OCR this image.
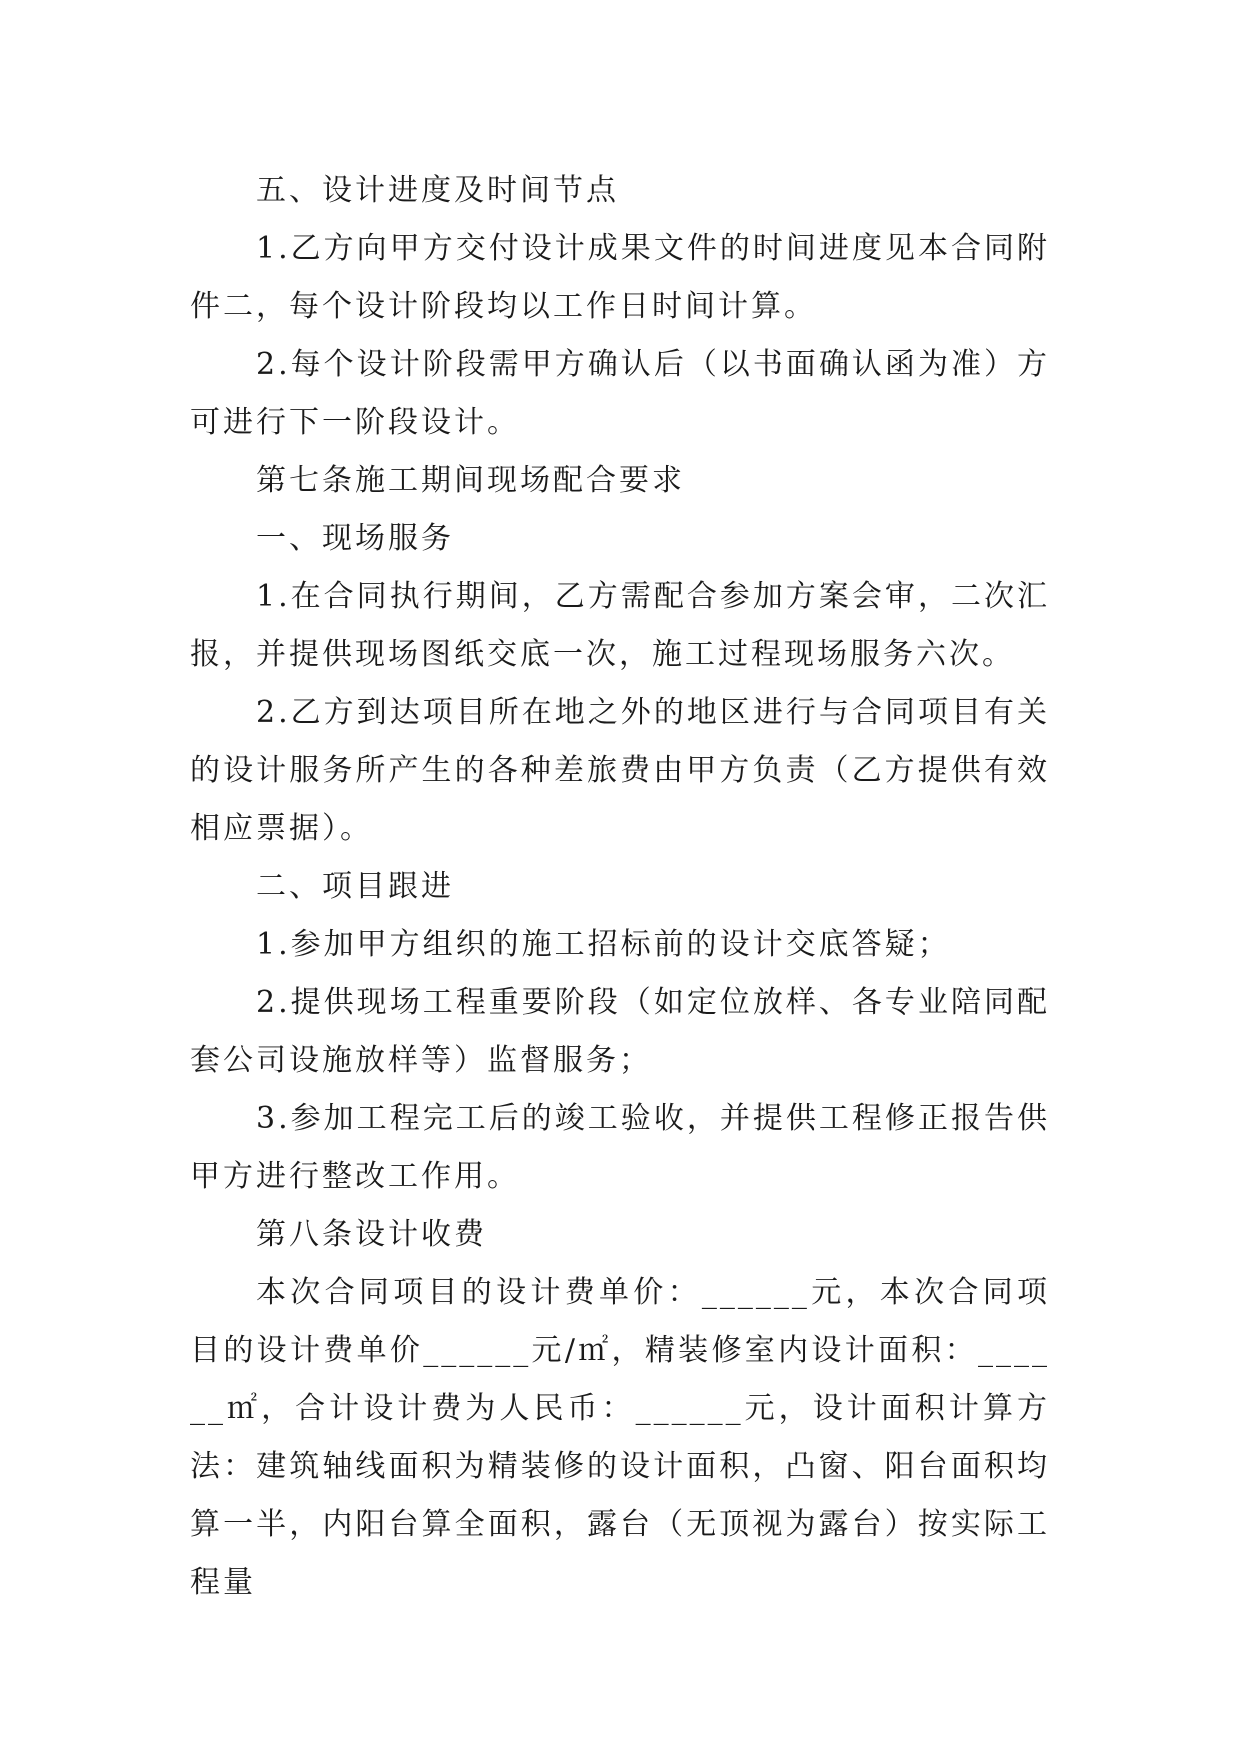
五、设计进度及时间节点

1.乙方向甲方交付设计成果文件的时间进度见本合同附件二，每个设计阶段均以工作日时间计算。

2.每个设计阶段需甲方确认后（以书面确认函为准）方可进行下一阶段设计。

第七条施工期间现场配合要求

一、现场服务

1.在合同执行期间，乙方需配合参加方案会审，二次汇报，并提供现场图纸交底一次，施工过程现场服务六次。

2.乙方到达项目所在地之外的地区进行与合同项目有关的设计服务所产生的各种差旅费由甲方负责（乙方提供有效相应票据）。

二、项目跟进

1.参加甲方组织的施工招标前的设计交底答疑；

2.提供现场工程重要阶段（如定位放样、各专业陪同配套公司设施放样等）监督服务；

3.参加工程完工后的竣工验收，并提供工程修正报告供甲方进行整改工作用。

第八条设计收费

本次合同项目的设计费单价：______元，本次合同项目的设计费单价______元/㎡，精装修室内设计面积：______㎡，合计设计费为人民币：______元，设计面积计算方法：建筑轴线面积为精装修的设计面积，凸窗、阳台面积均算一半，内阳台算全面积，露台（无顶视为露台）按实际工程量
